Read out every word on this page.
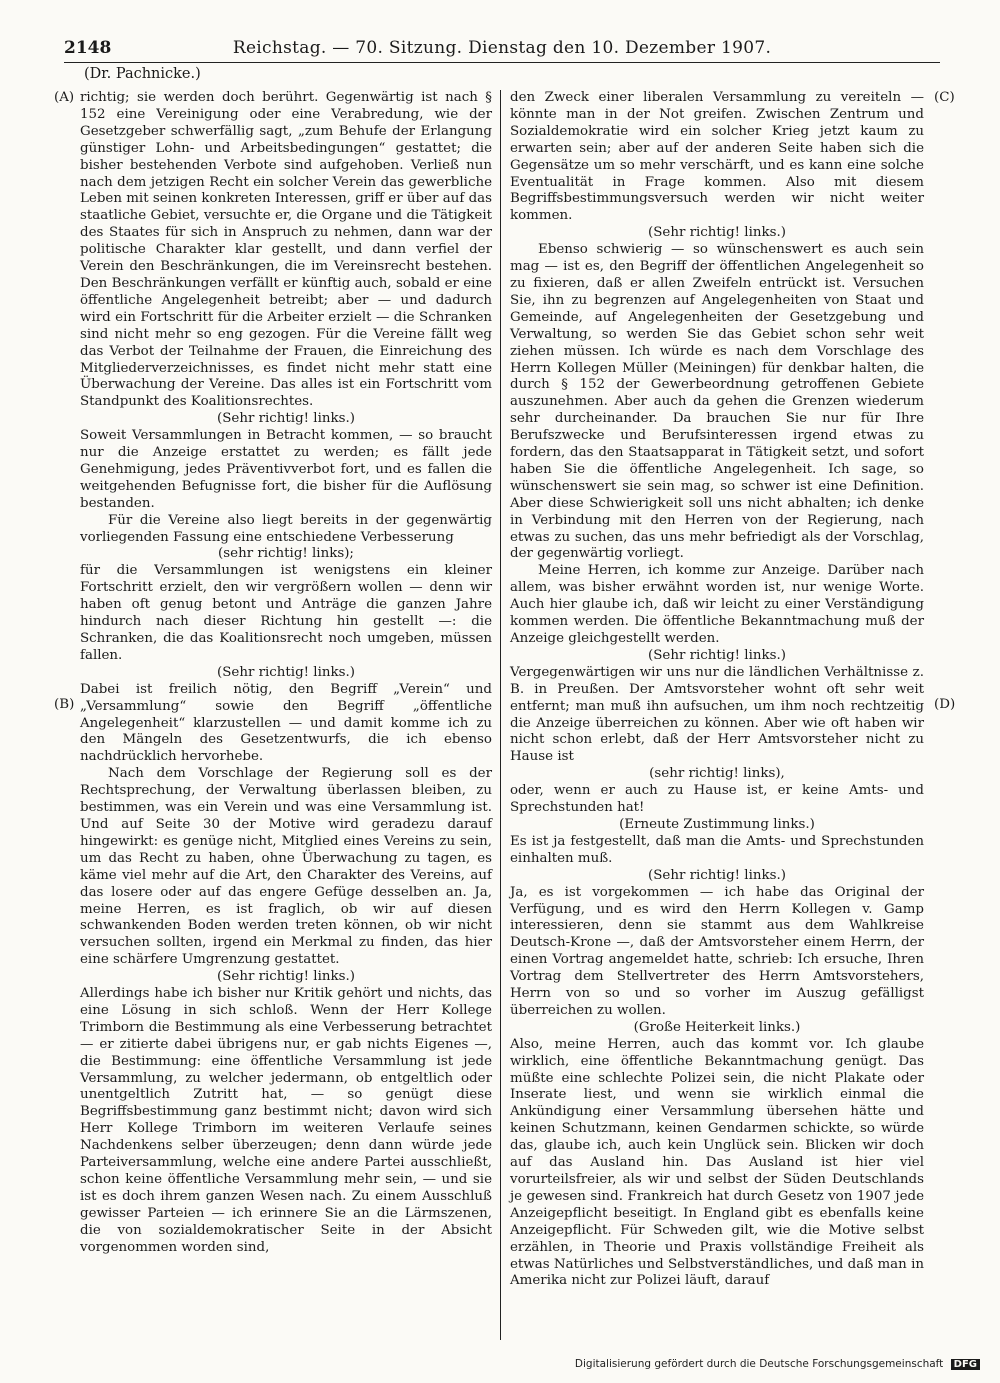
2148	Reichstag. — 70. Sitzung. Dienstag den 10. Dezember 1907.
(Dr. Pachnicke.)
(A)
(B)
(C)
(D)

richtig; sie werden doch berührt. Gegenwärtig ist nach § 152 eine Vereinigung oder eine Verabredung, wie der Gesetzgeber schwerfällig sagt, „zum Behufe der Erlangung günstiger Lohn- und Arbeitsbedingungen“ gestattet; die bisher bestehenden Verbote sind aufgehoben. Verließ nun nach dem jetzigen Recht ein solcher Verein das gewerbliche Leben mit seinen konkreten Interessen, griff er über auf das staatliche Gebiet, versuchte er, die Organe und die Tätigkeit des Staates für sich in Anspruch zu nehmen, dann war der politische Charakter klar gestellt, und dann verfiel der Verein den Beschränkungen, die im Vereinsrecht bestehen. Den Beschränkungen verfällt er künftig auch, sobald er eine öffentliche Angelegenheit betreibt; aber — und dadurch wird ein Fortschritt für die Arbeiter erzielt — die Schranken sind nicht mehr so eng gezogen. Für die Vereine fällt weg das Verbot der Teilnahme der Frauen, die Einreichung des Mitgliederverzeichnisses, es findet nicht mehr statt eine Überwachung der Vereine. Das alles ist ein Fortschritt vom Standpunkt des Koalitionsrechtes.

(Sehr richtig! links.)

Soweit Versammlungen in Betracht kommen, — so braucht nur die Anzeige erstattet zu werden; es fällt jede Genehmigung, jedes Präventivverbot fort, und es fallen die weitgehenden Befugnisse fort, die bisher für die Auflösung bestanden.

Für die Vereine also liegt bereits in der gegenwärtig vorliegenden Fassung eine entschiedene Verbesserung

(sehr richtig! links);

für die Versammlungen ist wenigstens ein kleiner Fortschritt erzielt, den wir vergrößern wollen — denn wir haben oft genug betont und Anträge die ganzen Jahre hindurch nach dieser Richtung hin gestellt —: die Schranken, die das Koalitionsrecht noch umgeben, müssen fallen.

(Sehr richtig! links.)

Dabei ist freilich nötig, den Begriff „Verein“ und „Versammlung“ sowie den Begriff „öffentliche Angelegenheit“ klarzustellen — und damit komme ich zu den Mängeln des Gesetzentwurfs, die ich ebenso nachdrücklich hervorhebe.

Nach dem Vorschlage der Regierung soll es der Rechtsprechung, der Verwaltung überlassen bleiben, zu bestimmen, was ein Verein und was eine Versammlung ist. Und auf Seite 30 der Motive wird geradezu darauf hingewirkt: es genüge nicht, Mitglied eines Vereins zu sein, um das Recht zu haben, ohne Überwachung zu tagen, es käme viel mehr auf die Art, den Charakter des Vereins, auf das losere oder auf das engere Gefüge desselben an. Ja, meine Herren, es ist fraglich, ob wir auf diesen schwankenden Boden werden treten können, ob wir nicht versuchen sollten, irgend ein Merkmal zu finden, das hier eine schärfere Umgrenzung gestattet.

(Sehr richtig! links.)

Allerdings habe ich bisher nur Kritik gehört und nichts, das eine Lösung in sich schloß. Wenn der Herr Kollege Trimborn die Bestimmung als eine Verbesserung betrachtet — er zitierte dabei übrigens nur, er gab nichts Eigenes —, die Bestimmung: eine öffentliche Versammlung ist jede Versammlung, zu welcher jedermann, ob entgeltlich oder unentgeltlich Zutritt hat, — so genügt diese Begriffsbestimmung ganz bestimmt nicht; davon wird sich Herr Kollege Trimborn im weiteren Verlaufe seines Nachdenkens selber überzeugen; denn dann würde jede Parteiversammlung, welche eine andere Partei ausschließt, schon keine öffentliche Versammlung mehr sein, — und sie ist es doch ihrem ganzen Wesen nach. Zu einem Ausschluß gewisser Parteien — ich erinnere Sie an die Lärmszenen, die von sozialdemokratischer Seite in der Absicht vorgenommen worden sind,

den Zweck einer liberalen Versammlung zu vereiteln — könnte man in der Not greifen. Zwischen Zentrum und Sozialdemokratie wird ein solcher Krieg jetzt kaum zu erwarten sein; aber auf der anderen Seite haben sich die Gegensätze um so mehr verschärft, und es kann eine solche Eventualität in Frage kommen. Also mit diesem Begriffsbestimmungsversuch werden wir nicht weiter kommen.

(Sehr richtig! links.)

Ebenso schwierig — so wünschenswert es auch sein mag — ist es, den Begriff der öffentlichen Angelegenheit so zu fixieren, daß er allen Zweifeln entrückt ist. Versuchen Sie, ihn zu begrenzen auf Angelegenheiten von Staat und Gemeinde, auf Angelegenheiten der Gesetzgebung und Verwaltung, so werden Sie das Gebiet schon sehr weit ziehen müssen. Ich würde es nach dem Vorschlage des Herrn Kollegen Müller (Meiningen) für denkbar halten, die durch § 152 der Gewerbeordnung getroffenen Gebiete auszunehmen. Aber auch da gehen die Grenzen wiederum sehr durcheinander. Da brauchen Sie nur für Ihre Berufszwecke und Berufsinteressen irgend etwas zu fordern, das den Staatsapparat in Tätigkeit setzt, und sofort haben Sie die öffentliche Angelegenheit. Ich sage, so wünschenswert sie sein mag, so schwer ist eine Definition. Aber diese Schwierigkeit soll uns nicht abhalten; ich denke in Verbindung mit den Herren von der Regierung, nach etwas zu suchen, das uns mehr befriedigt als der Vorschlag, der gegenwärtig vorliegt.

Meine Herren, ich komme zur Anzeige. Darüber nach allem, was bisher erwähnt worden ist, nur wenige Worte. Auch hier glaube ich, daß wir leicht zu einer Verständigung kommen werden. Die öffentliche Bekanntmachung muß der Anzeige gleichgestellt werden.

(Sehr richtig! links.)

Vergegenwärtigen wir uns nur die ländlichen Verhältnisse z. B. in Preußen. Der Amtsvorsteher wohnt oft sehr weit entfernt; man muß ihn aufsuchen, um ihm noch rechtzeitig die Anzeige überreichen zu können. Aber wie oft haben wir nicht schon erlebt, daß der Herr Amtsvorsteher nicht zu Hause ist

(sehr richtig! links),

oder, wenn er auch zu Hause ist, er keine Amts- und Sprechstunden hat!

(Erneute Zustimmung links.)

Es ist ja festgestellt, daß man die Amts- und Sprechstunden einhalten muß.

(Sehr richtig! links.)

Ja, es ist vorgekommen — ich habe das Original der Verfügung, und es wird den Herrn Kollegen v. Gamp interessieren, denn sie stammt aus dem Wahlkreise Deutsch-Krone —, daß der Amtsvorsteher einem Herrn, der einen Vortrag angemeldet hatte, schrieb: Ich ersuche, Ihren Vortrag dem Stellvertreter des Herrn Amtsvorstehers, Herrn von so und so vorher im Auszug gefälligst überreichen zu wollen.

(Große Heiterkeit links.)

Also, meine Herren, auch das kommt vor. Ich glaube wirklich, eine öffentliche Bekanntmachung genügt. Das müßte eine schlechte Polizei sein, die nicht Plakate oder Inserate liest, und wenn sie wirklich einmal die Ankündigung einer Versammlung übersehen hätte und keinen Schutzmann, keinen Gendarmen schickte, so würde das, glaube ich, auch kein Unglück sein. Blicken wir doch auf das Ausland hin. Das Ausland ist hier viel vorurteilsfreier, als wir und selbst der Süden Deutschlands je gewesen sind. Frankreich hat durch Gesetz von 1907 jede Anzeigepflicht beseitigt. In England gibt es ebenfalls keine Anzeigepflicht. Für Schweden gilt, wie die Motive selbst erzählen, in Theorie und Praxis vollständige Freiheit als etwas Natürliches und Selbstverständliches, und daß man in Amerika nicht zur Polizei läuft, darauf

Digitalisierung gefördert durch die Deutsche Forschungsgemeinschaft DFG
